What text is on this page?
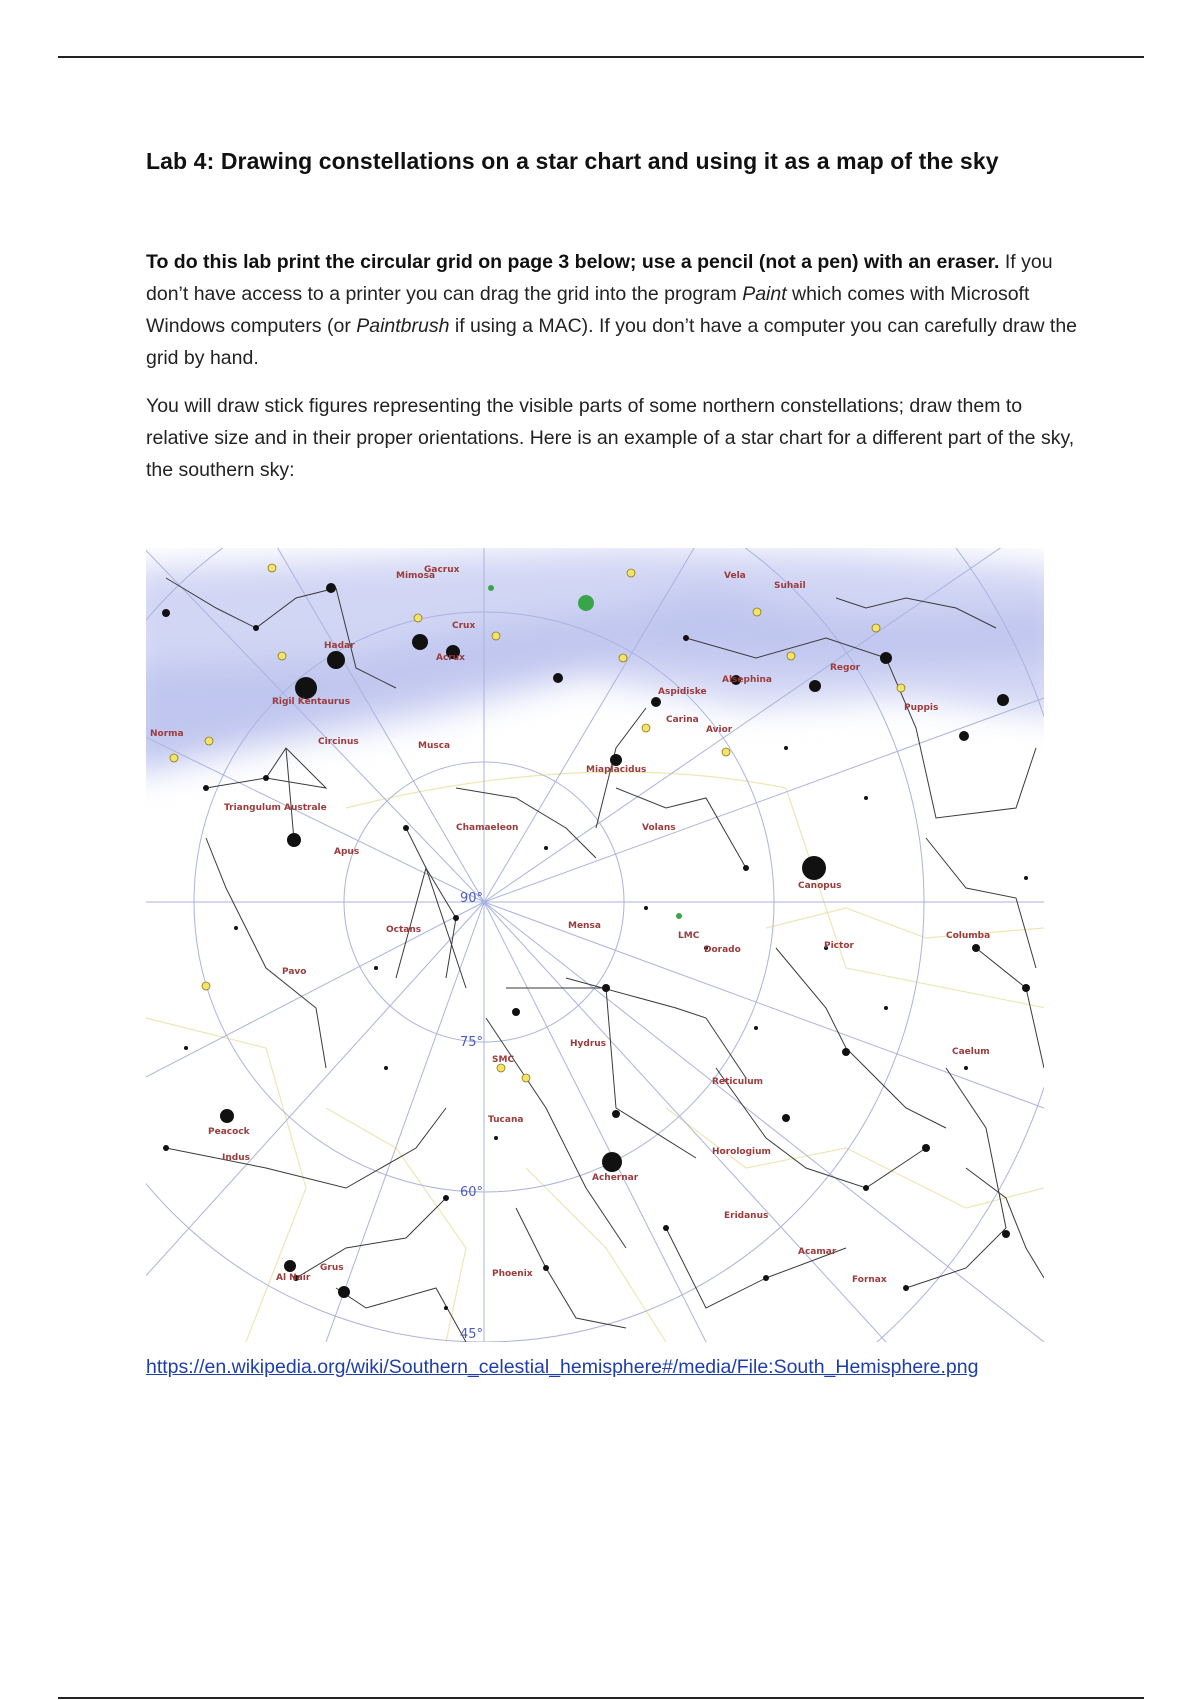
Lab 4: Drawing constellations on a star chart and using it as a map of the sky

To do this lab print the circular grid on page 3 below; use a pencil (not a pen) with an eraser. If you don’t have access to a printer you can drag the grid into the program Paint which comes with Microsoft Windows computers (or Paintbrush if using a MAC). If you don’t have a computer you can carefully draw the grid by hand.

You will draw stick figures representing the visible parts of some northern constellations; draw them to relative size and in their proper orientations. Here is an example of a star chart for a different part of the sky, the southern sky:

Vela
Crux
Musca
Circinus
Norma
Triangulum Australe
Apus
Chamaeleon	Volans
Carina
Puppis
Canopus
Octans	Mensa
Dorado	Pictor
Columba
Pavo
Hydrus
Reticulum
Caelum
Peacock
Indus
Tucana
Horologium
Achernar
Eridanus
Grus
Al Nair	Phoenix
Fornax
Acamar
Avior
Miaplacidus
Rigil Kentaurus
Hadar
Acrux
Mimosa
Gacrux
Aspidiske
Suhail
Regor
Alsephina
SMC
LMC
90°
75°
60°
45°

https://en.wikipedia.org/wiki/Southern_celestial_hemisphere#/media/File:South_Hemisphere.png
